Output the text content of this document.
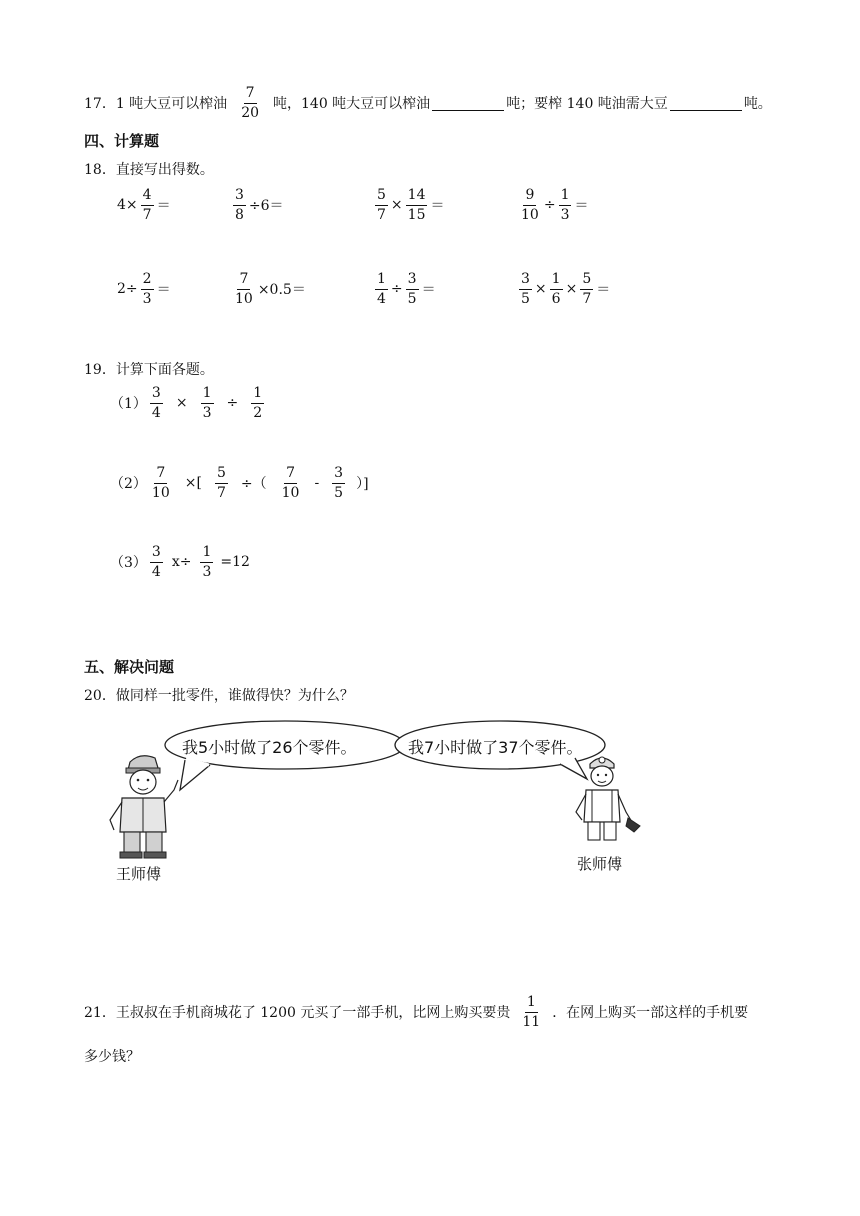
17． 1 吨大豆可以榨油 $\frac{7}{20}$ 吨，140 吨大豆可以榨油	吨；要榨 140 吨油需大豆	吨。
四、计算题
18．直接写出得数。
$4\times \frac{4}{7}$ ＝	$\frac{3}{8} \div 6=$	$\frac{5}{7} \times \frac{14}{15}$ ＝	$\frac{9}{10} \div \frac{1}{3}$ ＝
$2\div \frac{2}{3}$ ＝	$\frac{7}{10} \times 0.5=$	$\frac{1}{4} \div \frac{3}{5}$ ＝	$\frac{3}{5} \times \frac{1}{6} \times \frac{5}{7}$ ＝
19．计算下面各题。
$(1) \frac{3}{4} \times \frac{1}{3} \div \frac{1}{2}$
$(2) \frac{7}{10}$ ×[ $\frac{5}{7}$ ÷（ $\frac{7}{10} - \frac{3}{5}$ ）]
$(3) \frac{3}{4} x\div \frac{1}{3} =12$
五、解决问题
20．做同样一批零件，谁做得快？为什么？
我5小时做了26个零件。	我7小时做了37个零件。
王师傅
张师傅
21． 王叔叔在手机商城花了 1200 元买了一部手机，比网上购买要贵 $\frac{1}{11}$ ．在网上购买一部这样的手机要
多少钱？
